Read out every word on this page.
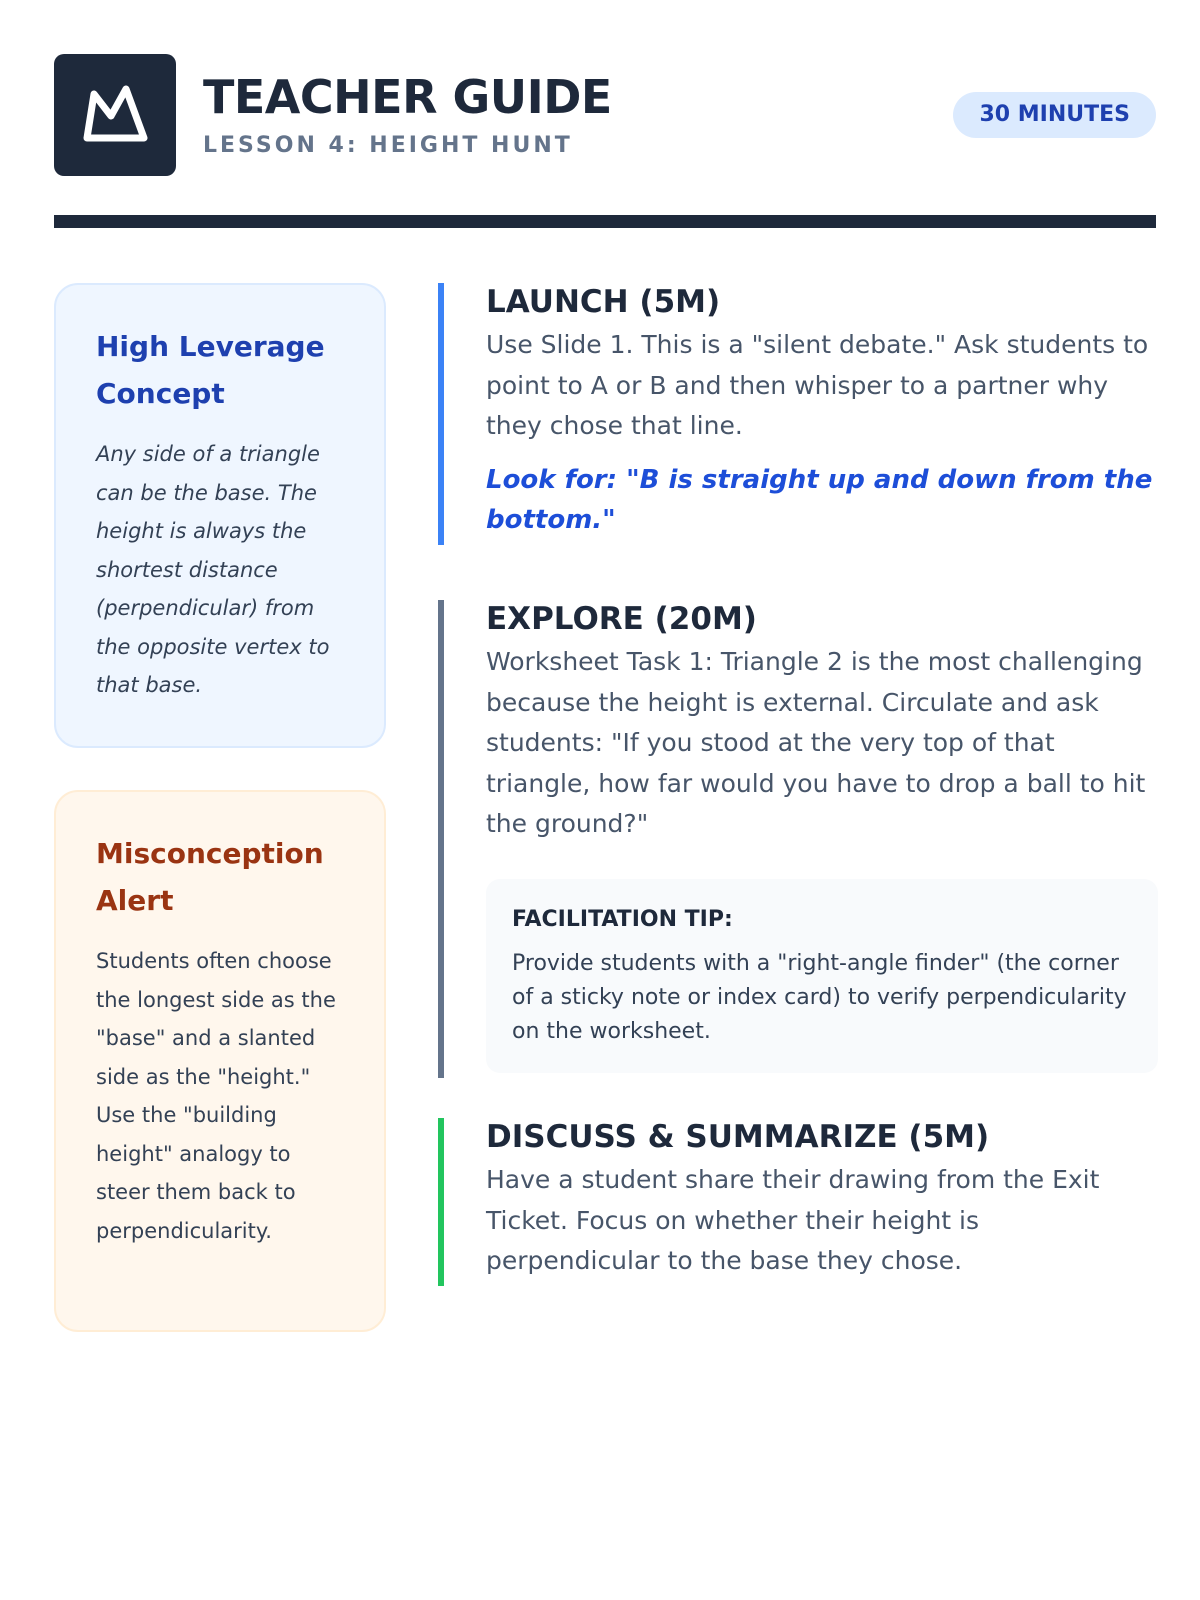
TEACHER GUIDE
LESSON 4: HEIGHT HUNT
30 MINUTES
High Leverage Concept

Any side of a triangle can be the base. The height is always the shortest distance (perpendicular) from the opposite vertex to that base.

Misconception Alert

Students often choose the longest side as the "base" and a slanted side as the "height." Use the "building height" analogy to steer them back to perpendicularity.

LAUNCH (5M)

Use Slide 1. This is a "silent debate." Ask students to point to A or B and then whisper to a partner why they chose that line.

Look for: "B is straight up and down from the bottom."

EXPLORE (20M)

Worksheet Task 1: Triangle 2 is the most challenging because the height is external. Circulate and ask students: "If you stood at the very top of that triangle, how far would you have to drop a ball to hit the ground?"

FACILITATION TIP:
Provide students with a "right-angle finder" (the corner of a sticky note or index card) to verify perpendicularity on the worksheet.
DISCUSS & SUMMARIZE (5M)

Have a student share their drawing from the Exit Ticket. Focus on whether their height is perpendicular to the base they chose.
